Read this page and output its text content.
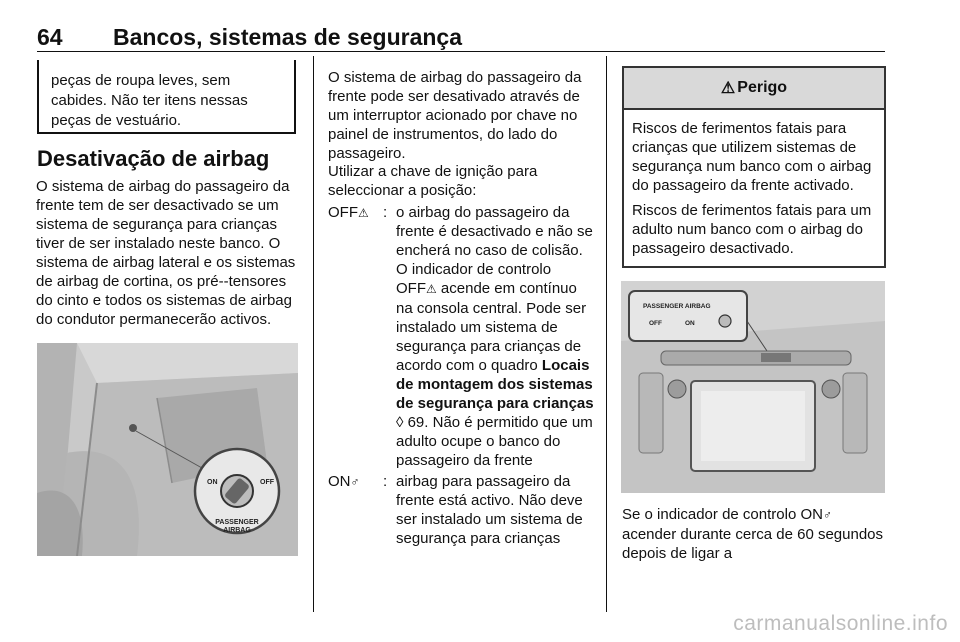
64 Bancos, sistemas de segurança
peças de roupa leves, sem cabides. Não ter itens nessas peças de vestuário.
Desativação de airbag

O sistema de airbag do passageiro da frente tem de ser desactivado se um sistema de segurança para crianças tiver de ser instalado neste banco. O sistema de airbag lateral e os sistemas de airbag de cortina, os pré--tensores do cinto e todos os sistemas de airbag do condutor permanecerão activos.

ON	OFF
PASSENGER
AIRBAG

O sistema de airbag do passageiro da frente pode ser desativado através de um interruptor acionado por chave no painel de instrumentos, do lado do passageiro.

Utilizar a chave de ignição para seleccionar a posição:

OFF⚠ : o airbag do passageiro da frente é desactivado e não se encherá no caso de colisão. O indicador de controlo OFF⚠ acende em contínuo na consola central. Pode ser instalado um sistema de segurança para crianças de acordo com o quadro Locais de montagem dos sistemas de segurança para crianças
◊ 69. Não é permitido que um adulto ocupe o banco do passageiro da frente
ON♂ : airbag para passageiro da frente está activo. Não deve ser instalado um sistema de segurança para crianças
⚠ Perigo

Riscos de ferimentos fatais para crianças que utilizem sistemas de segurança num banco com o airbag do passageiro da frente activado.

Riscos de ferimentos fatais para um adulto num banco com o airbag do passageiro desactivado.

PASSENGER AIRBAG
OFF	ON

Se o indicador de controlo ON♂ acender durante cerca de 60 segundos depois de ligar a

carmanualsonline.info
